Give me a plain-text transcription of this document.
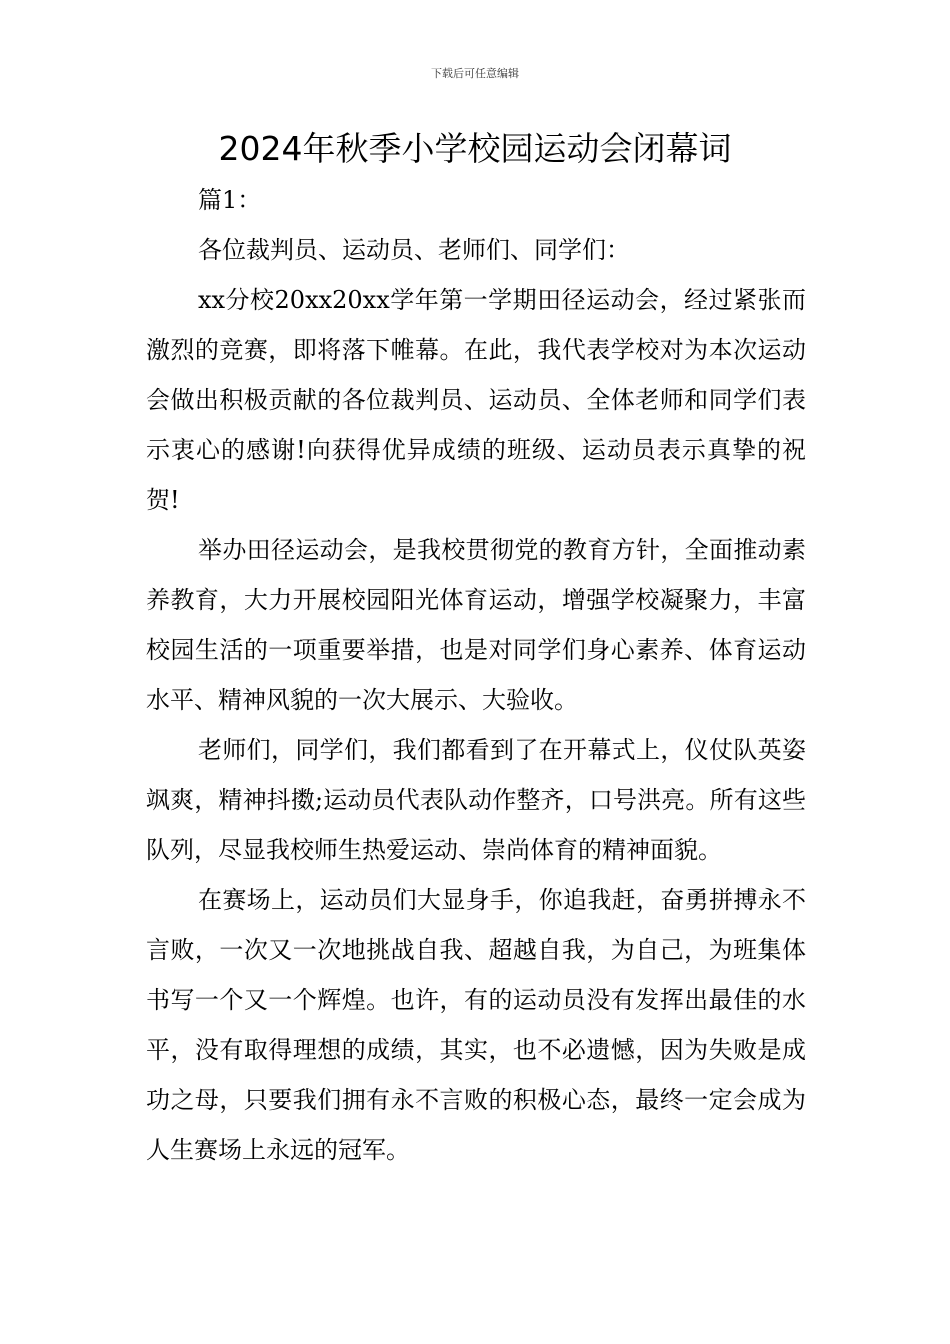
下载后可任意编辑
2024年秋季小学校园运动会闭幕词

篇1：

各位裁判员、运动员、老师们、同学们：

xx分校20xx20xx学年第一学期田径运动会，经过紧张而激烈的竞赛，即将落下帷幕。在此，我代表学校对为本次运动会做出积极贡献的各位裁判员、运动员、全体老师和同学们表示衷心的感谢!向获得优异成绩的班级、运动员表示真挚的祝贺!

举办田径运动会，是我校贯彻党的教育方针，全面推动素养教育，大力开展校园阳光体育运动，增强学校凝聚力，丰富校园生活的一项重要举措，也是对同学们身心素养、体育运动水平、精神风貌的一次大展示、大验收。

老师们，同学们，我们都看到了在开幕式上，仪仗队英姿飒爽，精神抖擞;运动员代表队动作整齐，口号洪亮。所有这些队列，尽显我校师生热爱运动、崇尚体育的精神面貌。

在赛场上，运动员们大显身手，你追我赶，奋勇拼搏永不言败，一次又一次地挑战自我、超越自我，为自己，为班集体书写一个又一个辉煌。也许，有的运动员没有发挥出最佳的水平，没有取得理想的成绩，其实，也不必遗憾，因为失败是成功之母，只要我们拥有永不言败的积极心态，最终一定会成为人生赛场上永远的冠军。
